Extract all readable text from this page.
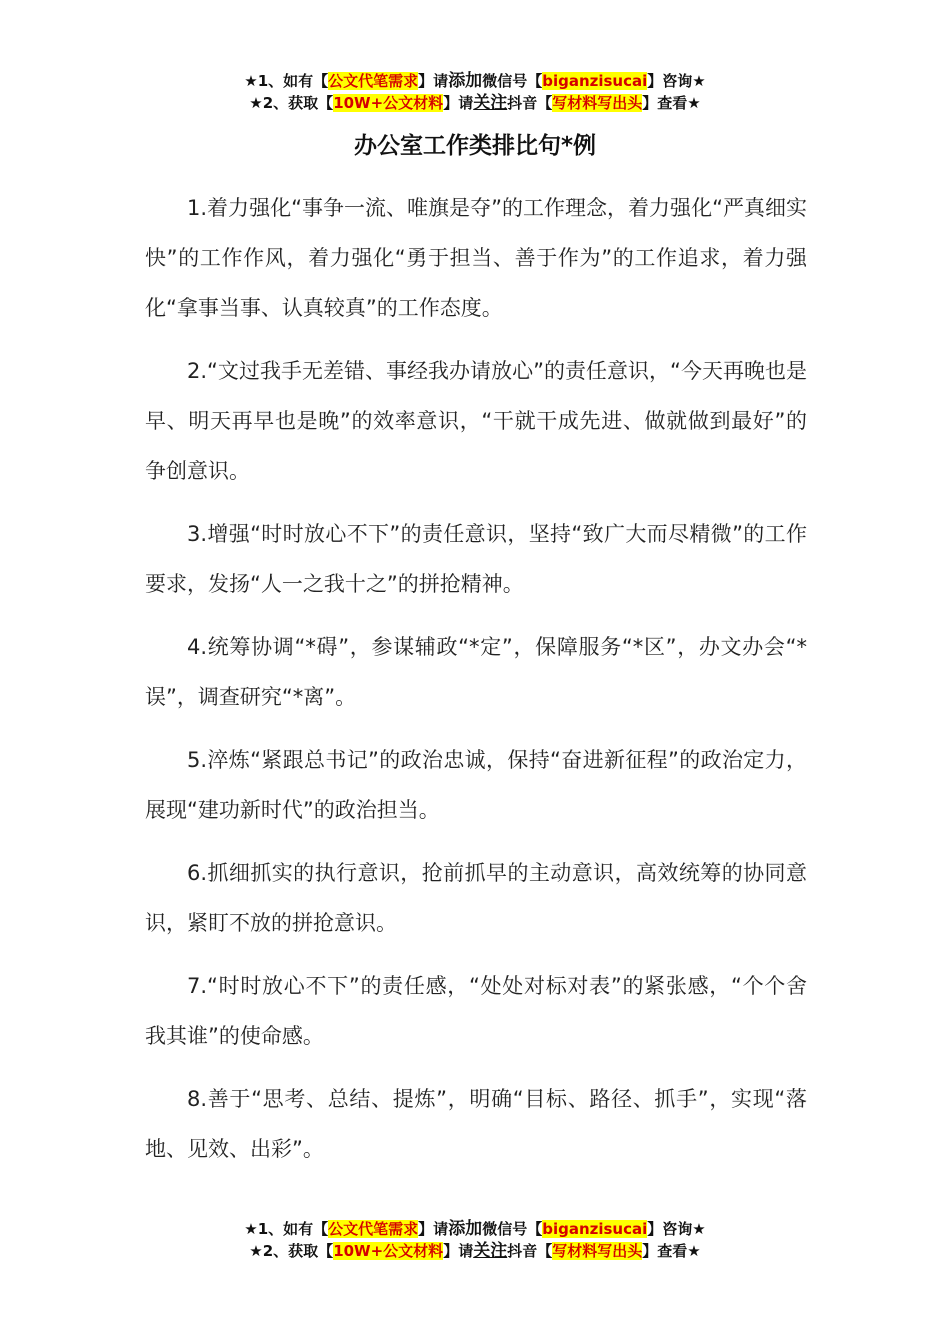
★1、如有【公文代笔需求】请添加微信号【biganzisucai】咨询★
★2、获取【10W+公文材料】请关注抖音【写材料写出头】查看★
办公室工作类排比句*例

1.着力强化“事争一流、唯旗是夺”的工作理念，着力强化“严真细实快”的工作作风，着力强化“勇于担当、善于作为”的工作追求，着力强化“拿事当事、认真较真”的工作态度。

2.“文过我手无差错、事经我办请放心”的责任意识，“今天再晚也是早、明天再早也是晚”的效率意识，“干就干成先进、做就做到最好”的争创意识。

3.增强“时时放心不下”的责任意识，坚持“致广大而尽精微”的工作要求，发扬“人一之我十之”的拼抢精神。

4.统筹协调“*碍”，参谋辅政“*定”，保障服务“*区”，办文办会“*误”，调查研究“*离”。

5.淬炼“紧跟总书记”的政治忠诚，保持“奋进新征程”的政治定力，展现“建功新时代”的政治担当。

6.抓细抓实的执行意识，抢前抓早的主动意识，高效统筹的协同意识，紧盯不放的拼抢意识。

7.“时时放心不下”的责任感，“处处对标对表”的紧张感，“个个舍我其谁”的使命感。

8.善于“思考、总结、提炼”，明确“目标、路径、抓手”，实现“落地、见效、出彩”。

★1、如有【公文代笔需求】请添加微信号【biganzisucai】咨询★
★2、获取【10W+公文材料】请关注抖音【写材料写出头】查看★
